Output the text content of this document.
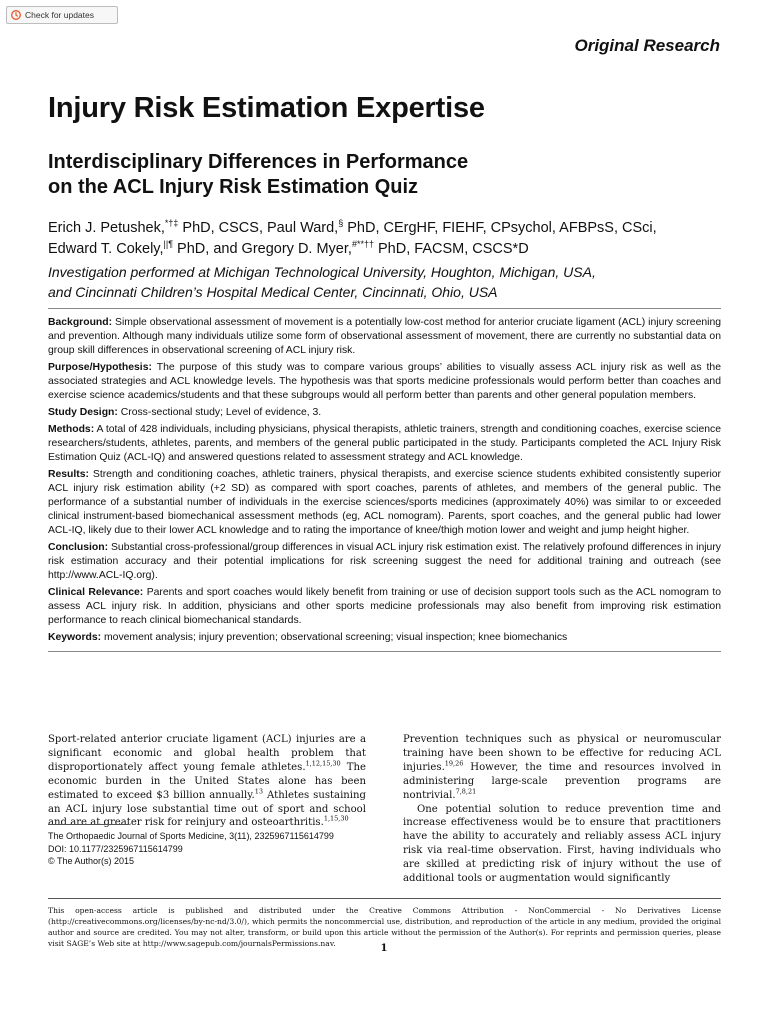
Check for updates
Original Research
Injury Risk Estimation Expertise
Interdisciplinary Differences in Performance
on the ACL Injury Risk Estimation Quiz
Erich J. Petushek,*†‡ PhD, CSCS, Paul Ward,§ PhD, CErgHF, FIEHF, CPsychol, AFBPsS, CSci,
Edward T. Cokely,||¶ PhD, and Gregory D. Myer,#**†† PhD, FACSM, CSCS*D
Investigation performed at Michigan Technological University, Houghton, Michigan, USA,
and Cincinnati Children’s Hospital Medical Center, Cincinnati, Ohio, USA

Background: Simple observational assessment of movement is a potentially low-cost method for anterior cruciate ligament (ACL) injury screening and prevention. Although many individuals utilize some form of observational assessment of movement, there are currently no substantial data on group skill differences in observational screening of ACL injury risk.

Purpose/Hypothesis: The purpose of this study was to compare various groups’ abilities to visually assess ACL injury risk as well as the associated strategies and ACL knowledge levels. The hypothesis was that sports medicine professionals would perform better than coaches and exercise science academics/students and that these subgroups would all perform better than parents and other general population members.

Study Design: Cross-sectional study; Level of evidence, 3.

Methods: A total of 428 individuals, including physicians, physical therapists, athletic trainers, strength and conditioning coaches, exercise science researchers/students, athletes, parents, and members of the general public participated in the study. Participants completed the ACL Injury Risk Estimation Quiz (ACL-IQ) and answered questions related to assessment strategy and ACL knowledge.

Results: Strength and conditioning coaches, athletic trainers, physical therapists, and exercise science students exhibited consistently superior ACL injury risk estimation ability (+2 SD) as compared with sport coaches, parents of athletes, and members of the general public. The performance of a substantial number of individuals in the exercise sciences/sports medicines (approximately 40%) was similar to or exceeded clinical instrument-based biomechanical assessment methods (eg, ACL nomogram). Parents, sport coaches, and the general public had lower ACL-IQ, likely due to their lower ACL knowledge and to rating the importance of knee/thigh motion lower and weight and jump height higher.

Conclusion: Substantial cross-professional/group differences in visual ACL injury risk estimation exist. The relatively profound differences in injury risk estimation accuracy and their potential implications for risk screening suggest the need for additional training and outreach (see http://www.ACL-IQ.org).

Clinical Relevance: Parents and sport coaches would likely benefit from training or use of decision support tools such as the ACL nomogram to assess ACL injury risk. In addition, physicians and other sports medicine professionals may also benefit from improving risk estimation performance to reach clinical biomechanical standards.

Keywords: movement analysis; injury prevention; observational screening; visual inspection; knee biomechanics

Sport-related anterior cruciate ligament (ACL) injuries are a significant economic and global health problem that disproportionately affect young female athletes.$^{1,12,15,30}$ The economic burden in the United States alone has been estimated to exceed $3 billion annually.$^{13}$ Athletes sustaining an ACL injury lose substantial time out of sport and school and are at greater risk for reinjury and osteoarthritis.$^{1,15,30}$

Prevention techniques such as physical or neuromuscular training have been shown to be effective for reducing ACL injuries.$^{19,26}$ However, the time and resources involved in administering large-scale prevention programs are nontrivial.$^{7,8,21}$

One potential solution to reduce prevention time and increase effectiveness would be to ensure that practitioners have the ability to accurately and reliably assess ACL injury risk via real-time observation. First, having individuals who are skilled at predicting risk of injury without the use of additional tools or augmentation would significantly

The Orthopaedic Journal of Sports Medicine, 3(11), 2325967115614799
DOI: 10.1177/2325967115614799
© The Author(s) 2015
This open-access article is published and distributed under the Creative Commons Attribution - NonCommercial - No Derivatives License (http://creativecommons.org/licenses/by-nc-nd/3.0/), which permits the noncommercial use, distribution, and reproduction of the article in any medium, provided the original author and source are credited. You may not alter, transform, or build upon this article without the permission of the Author(s). For reprints and permission queries, please visit SAGE’s Web site at http://www.sagepub.com/journalsPermissions.nav.	1
